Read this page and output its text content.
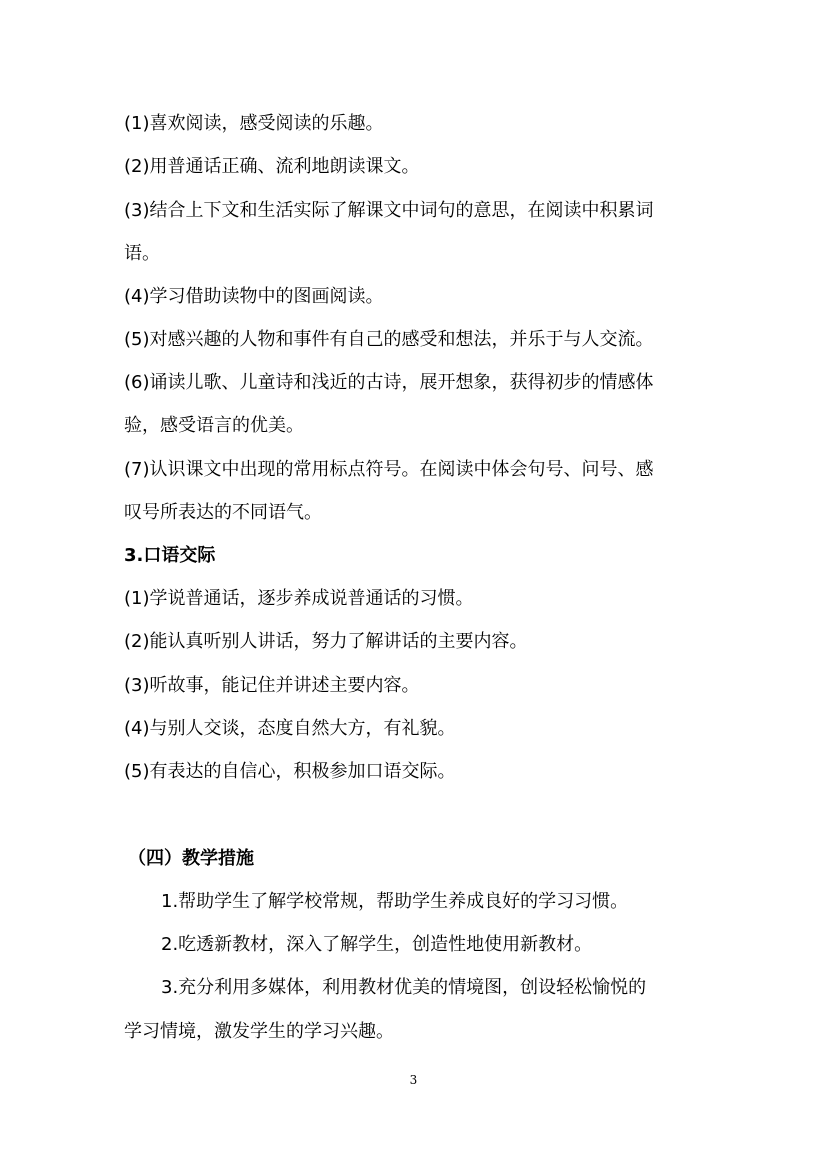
(1)喜欢阅读，感受阅读的乐趣。
(2)用普通话正确、流利地朗读课文。
(3)结合上下文和生活实际了解课文中词句的意思，在阅读中积累词
语。
(4)学习借助读物中的图画阅读。
(5)对感兴趣的人物和事件有自己的感受和想法，并乐于与人交流。
(6)诵读儿歌、儿童诗和浅近的古诗，展开想象，获得初步的情感体
验，感受语言的优美。
(7)认识课文中出现的常用标点符号。在阅读中体会句号、问号、感
叹号所表达的不同语气。
3.口语交际
(1)学说普通话，逐步养成说普通话的习惯。
(2)能认真听别人讲话，努力了解讲话的主要内容。
(3)听故事，能记住并讲述主要内容。
(4)与别人交谈，态度自然大方，有礼貌。
(5)有表达的自信心，积极参加口语交际。
（四）教学措施
1.帮助学生了解学校常规，帮助学生养成良好的学习习惯。
2.吃透新教材，深入了解学生，创造性地使用新教材。
3.充分利用多媒体，利用教材优美的情境图，创设轻松愉悦的
学习情境，激发学生的学习兴趣。
3
